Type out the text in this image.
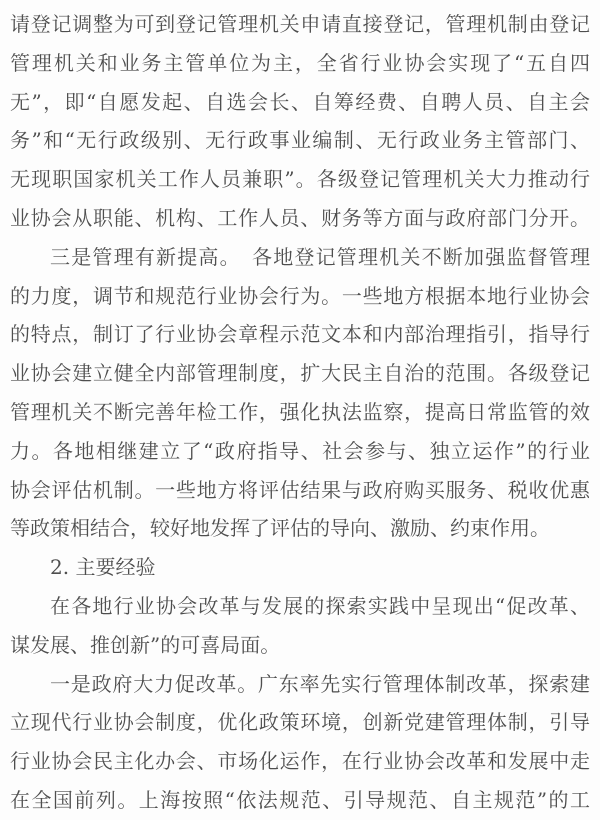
请登记调整为可到登记管理机关申请直接登记，管理机制由登记
管理机关和业务主管单位为主，全省行业协会实现了“五自四
无”，即“自愿发起、自选会长、自筹经费、自聘人员、自主会
务”和“无行政级别、无行政事业编制、无行政业务主管部门、
无现职国家机关工作人员兼职”。各级登记管理机关大力推动行
业协会从职能、机构、工作人员、财务等方面与政府部门分开。
三是管理有新提高。　各地登记管理机关不断加强监督管理
的力度，调节和规范行业协会行为。一些地方根据本地行业协会
的特点，制订了行业协会章程示范文本和内部治理指引，指导行
业协会建立健全内部管理制度，扩大民主自治的范围。各级登记
管理机关不断完善年检工作，强化执法监察，提高日常监管的效
力。各地相继建立了“政府指导、社会参与、独立运作”的行业
协会评估机制。一些地方将评估结果与政府购买服务、税收优惠
等政策相结合，较好地发挥了评估的导向、激励、约束作用。
2. 主要经验
在各地行业协会改革与发展的探索实践中呈现出“促改革、
谋发展、推创新”的可喜局面。
一是政府大力促改革。广东率先实行管理体制改革，探索建
立现代行业协会制度，优化政策环境，创新党建管理体制，引导
行业协会民主化办会、市场化运作，在行业协会改革和发展中走
在全国前列。上海按照“依法规范、引导规范、自主规范”的工
